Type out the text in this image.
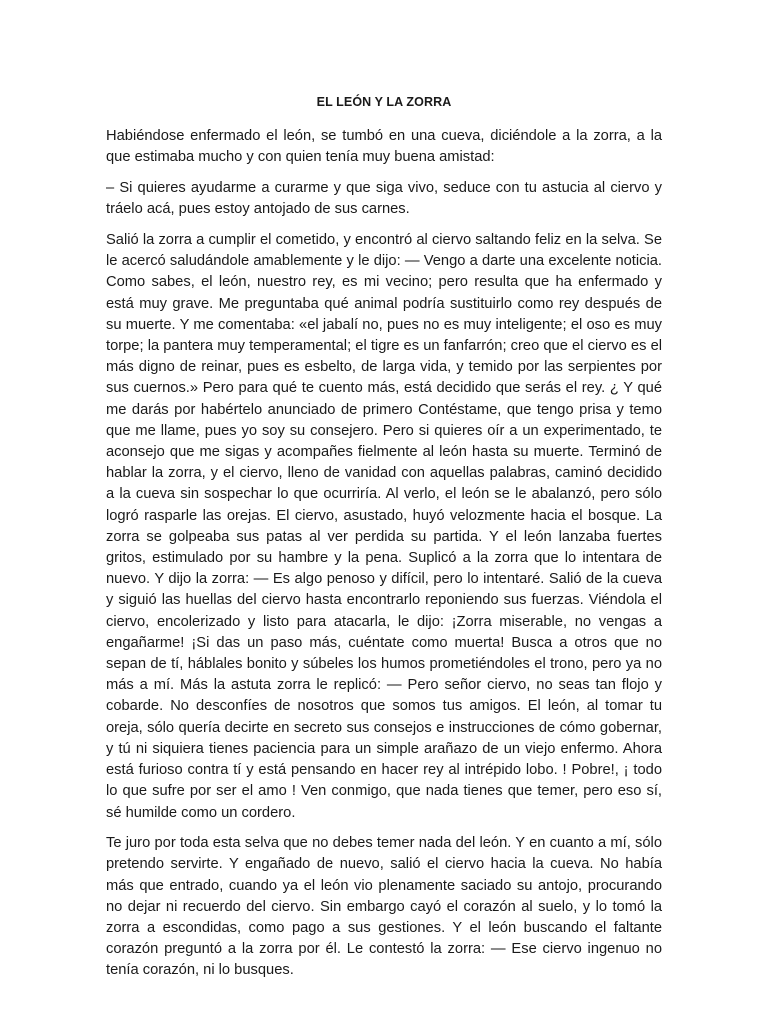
EL LEÓN Y LA ZORRA

Habiéndose enfermado el león, se tumbó en una cueva, diciéndole a la zorra, a la que estimaba mucho y con quien tenía muy buena amistad:

– Si quieres ayudarme a curarme y que siga vivo, seduce con tu astucia al ciervo y tráelo acá, pues estoy antojado de sus carnes.

Salió la zorra a cumplir el cometido, y encontró al ciervo saltando feliz en la selva. Se le acercó saludándole amablemente y le dijo: — Vengo a darte una excelente noticia. Como sabes, el león, nuestro rey, es mi vecino; pero resulta que ha enfermado y está muy grave. Me preguntaba qué animal podría sustituirlo como rey después de su muerte. Y me comentaba: «el jabalí no, pues no es muy inteligente; el oso es muy torpe; la pantera muy temperamental; el tigre es un fanfarrón; creo que el ciervo es el más digno de reinar, pues es esbelto, de larga vida, y temido por las serpientes por sus cuernos.» Pero para qué te cuento más, está decidido que serás el rey. ¿ Y qué me darás por habértelo anunciado de primero Contéstame, que tengo prisa y temo que me llame, pues yo soy su consejero. Pero si quieres oír a un experimentado, te aconsejo que me sigas y acompañes fielmente al león hasta su muerte. Terminó de hablar la zorra, y el ciervo, lleno de vanidad con aquellas palabras, caminó decidido a la cueva sin sospechar lo que ocurriría. Al verlo, el león se le abalanzó, pero sólo logró rasparle las orejas. El ciervo, asustado, huyó velozmente hacia el bosque. La zorra se golpeaba sus patas al ver perdida su partida. Y el león lanzaba fuertes gritos, estimulado por su hambre y la pena. Suplicó a la zorra que lo intentara de nuevo. Y dijo la zorra: — Es algo penoso y difícil, pero lo intentaré. Salió de la cueva y siguió las huellas del ciervo hasta encontrarlo reponiendo sus fuerzas. Viéndola el ciervo, encolerizado y listo para atacarla, le dijo: ¡Zorra miserable, no vengas a engañarme! ¡Si das un paso más, cuéntate como muerta! Busca a otros que no sepan de tí, háblales bonito y súbeles los humos prometiéndoles el trono, pero ya no más a mí. Más la astuta zorra le replicó: — Pero señor ciervo, no seas tan flojo y cobarde. No desconfíes de nosotros que somos tus amigos. El león, al tomar tu oreja, sólo quería decirte en secreto sus consejos e instrucciones de cómo gobernar, y tú ni siquiera tienes paciencia para un simple arañazo de un viejo enfermo. Ahora está furioso contra tí y está pensando en hacer rey al intrépido lobo. ! Pobre!, ¡ todo lo que sufre por ser el amo ! Ven conmigo, que nada tienes que temer, pero eso sí, sé humilde como un cordero.

Te juro por toda esta selva que no debes temer nada del león. Y en cuanto a mí, sólo pretendo servirte. Y engañado de nuevo, salió el ciervo hacia la cueva. No había más que entrado, cuando ya el león vio plenamente saciado su antojo, procurando no dejar ni recuerdo del ciervo. Sin embargo cayó el corazón al suelo, y lo tomó la zorra a escondidas, como pago a sus gestiones. Y el león buscando el faltante corazón preguntó a la zorra por él. Le contestó la zorra: — Ese ciervo ingenuo no tenía corazón, ni lo busques.
